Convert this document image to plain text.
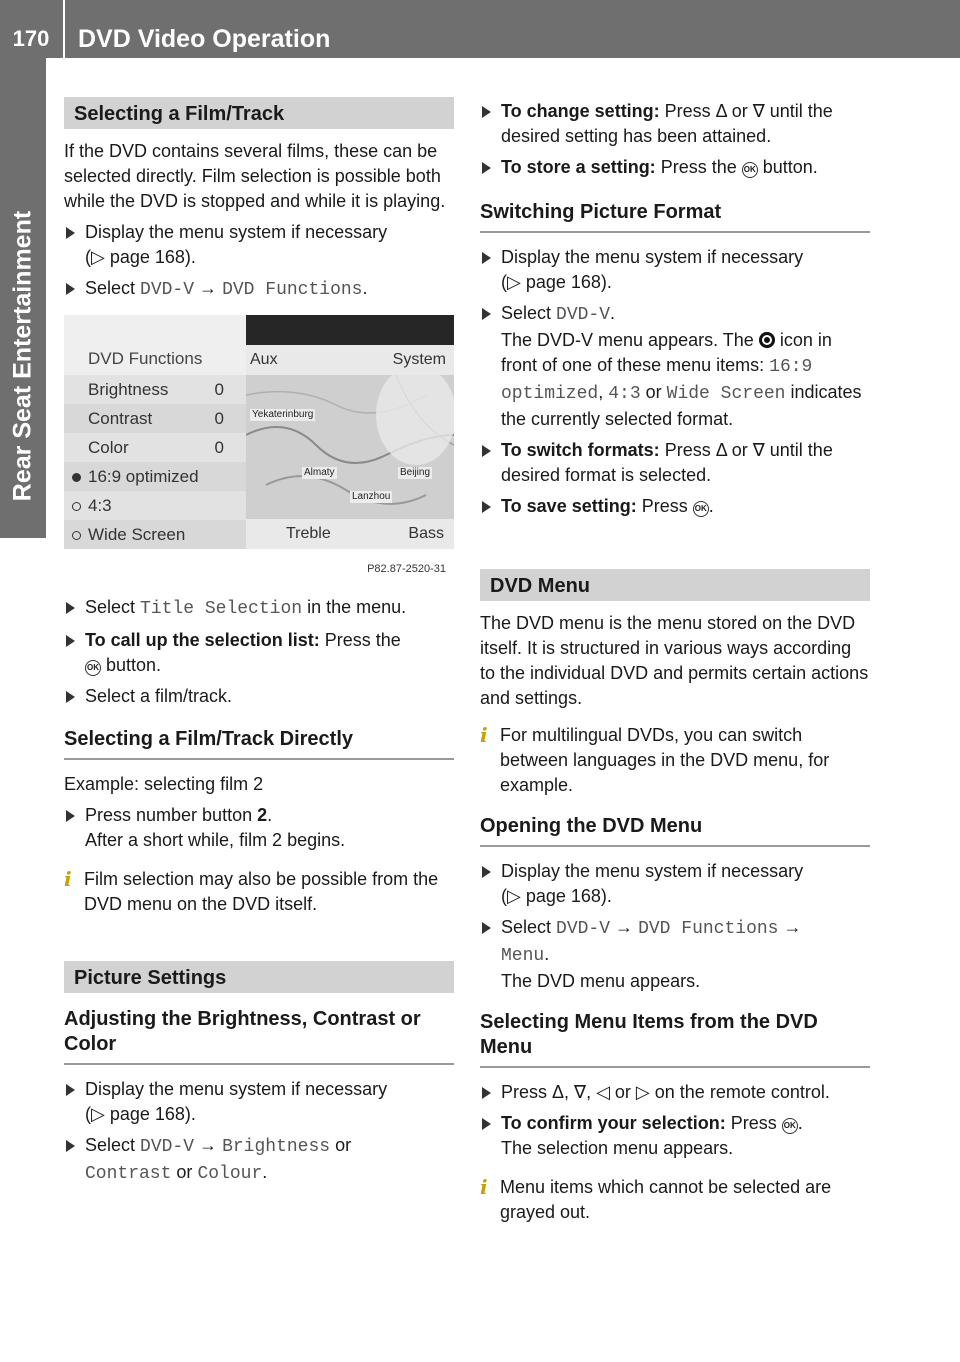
170	DVD Video Operation
Rear Seat Entertainment
Selecting a Film/Track

If the DVD contains several films, these can be selected directly. Film selection is possible both while the DVD is stopped and while it is playing.

Display the menu system if necessary
(▷ page 168).
Select DVD-V → DVD Functions.
DVD Functions
Brightness	0
Contrast	0
Color	0
16:9 optimized
4:3
Wide Screen
Aux	System
Yekaterinburg
Almaty	Beijing
Lanzhou
Treble	Bass
P82.87-2520-31
Select Title Selection in the menu.
To call up the selection list: Press the
OK button.
Select a film/track.
Selecting a Film/Track Directly

Example: selecting film 2

Press number button 2.
After a short while, film 2 begins.
i Film selection may also be possible from the DVD menu on the DVD itself.
Picture Settings
Adjusting the Brightness, Contrast or Color
Display the menu system if necessary
(▷ page 168).
Select DVD-V → Brightness or
Contrast or Colour.
To change setting: Press Δ or ∇ until the desired setting has been attained.
To store a setting: Press the OK button.
Switching Picture Format
Display the menu system if necessary
(▷ page 168).
Select DVD-V.
The DVD-V menu appears. The  icon in front of one of these menu items: 16:9 optimized, 4:3 or Wide Screen indicates the currently selected format.
To switch formats: Press Δ or ∇ until the desired format is selected.
To save setting: Press OK .
DVD Menu

The DVD menu is the menu stored on the DVD itself. It is structured in various ways according to the individual DVD and permits certain actions and settings.

i For multilingual DVDs, you can switch between languages in the DVD menu, for example.
Opening the DVD Menu
Display the menu system if necessary
(▷ page 168).
Select DVD-V → DVD Functions →
Menu.
The DVD menu appears.
Selecting Menu Items from the DVD Menu
Press Δ, ∇, ◁ or ▷ on the remote control.
To confirm your selection: Press OK .
The selection menu appears.
i Menu items which cannot be selected are grayed out.
